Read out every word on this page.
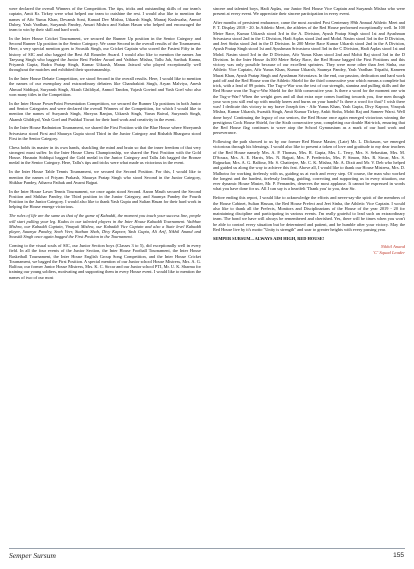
were declared the overall Winners of the Competition. The tips, tricks and outstanding skills of our team's captain, Amit Kr. Tirkey were what helped our team to outshine the rest. I would also like to mention the names of Aftr Yunus Khan, Devansh Soni, Kamad Dev Mishra, Utkarsh Singh, Manraj Kushwaha, Anmol Dubey, Yash Vardhan, Suryansh Pandey, Ansari Mishra and Sultan Hasan who helped and encouraged the team to win by their skill and hard work.

In the Inter House Cricket Tournament, we secured the Runner Up position in the Senior Category and Second Runner Up position in the Senior Category. We came Second in the overall results of the Tournament. Here, a very special mention goes to Swastik Singh, our Cricket Captain who scored the Fastest Fifty in the history of SIC and also bagged the Best All Rounder Award. I would also like to mention the names Jan Taeyung Singh who bagged the Junior Best Fielder Award and Vaibhav Mishra, Tallu Jah, Sarthak Kanna, Priyansh Gupta, Rudra Pratap Singh, Kumar Utkarsh, Manas Jaiswal who played exceptionally well throughout the matches and exhibited their sportsmanship.

In the Inter House Debate Competition, we stood Second in the overall results. Here, I would like to mention the names of our exemplary and extraordinary debaters like Chandrakirti Singh, Aryan Malviya, Anesh Ahmad Siddiqui, Suryansh Singh, Akash Ghildiyal, Anmol Tandon, Yajash Govind and Yash Goel who also won many titles in the Competition.

In the Inter House PowerPoint Presentation Competition, we secured the Runner Up positions in both Junior and Senior Categories and were declared the overall Winners of the Competition, for which I would like to mention the names of Suryansh Singh, Shreyas Ranjan, Utkarsh Singh, Varun Baival, Suryansh Singh, Akansh Ghildiyal, Yash Goel and Pushkal Tiwari for their hard work and creativity in the event.

In the Inter House Badminton Tournament, we shared the First Position with the Blue House where Shreyansh Srivastava stood First and Shaurya Gupta stood Third in the Junior Category and Rishabh Bhargava stood First in the Senior Category.

Chess holds its master in its own hands, shackling the mind and brain so that the inner freedom of that very strongest must suffer. In the Inter House Chess Championship, we shared the First Position with the Gold House. Husnain Siddiqui bagged the Gold medal in the Junior Category and Tallu Jah bagged the Bronze medal in the Senior Category. Here, Tallu's tips and tricks were what made us victorious in the event.

In the Inter House Table Tennis Tournament, we secured the Second Position. For this, I would like to mention the names of Priyam Prakash, Shaurya Pratap Singh who stood Second in the Junior Category, Shikhar Pandey, Atharva Pathak and Avarni Bajpai.

In the Inter House Lawn Tennis Tournament, we once again stood Second. Aaron Masih secured the Second Position and Shikhar Pandey, the Third position in the Junior Category, and Saumya Pandey the Fourth Position in the Junior Category. I would also like to thank Yash Gupta and Sultan Hasan for their hard work in helping the House emerge victorious.

The rules of life are the same as that of the game of Kabaddi, the moment you touch your success line, people will start pulling your leg. Kudos to our talented players in the Inter House Kabaddi Tournament. Vaibhav Mishra, our Kabaddi Captain, Vinayak Mishra, our Kabaddi Vice Captain and also a State level Kabaddi player, Saumya Pandey, Sneh Veer, Stathan Shah, Divy Kapoor, Yash Gupta, Ali Arif, Nikhil Anand and Swastik Singh once again bagged the First Position in the Tournament.

Coming to the visual souls of SIC, our Junior Section boys (Classes 3 to 5), did exceptionally well in every field. In all the four events of the Junior Section, the Inter House Football Tournament, the Inter House Basketball Tournament, the Inter House English Group Song Competition, and the Inter House Cricket Tournament, we bagged the First Position. A special mention of our Junior school House Mistress, Mrs. A. G. Balfour, our former Junior House Mistress, Mrs. K. C. Sircar and our Junior school PTI, Mr. U. K. Sharma for training our young soldiers, motivating and supporting them in every House event. I would like to mention the names of two of our most

sincere and talented boys, Hadi Aqdas, our Junior Red House Vice Captain and Suryansh Mishra who were present at every event. We appreciate their sincere participation in every event.

After months of persistent endurance, came the most awaited Post Centenary 89th Annual Athletic Meet and P. T. Display 2018 - 20. In Athletic Meet, the athletes of the Red House performed exceptionally well. In 100 Metre Race, Kumar Utkarsh stood 3rd in the A. Division, Ayush Pratap Singh stood 1st and Ayushman Srivastava stood 2nd in the C Division, Hadi Aqdas stood 2nd and Mohd. Nasim stood 3rd in the D Division, and Jeet Sinha stood 2nd in the D Division. In 200 Metre Race Kumar Utkarsh stood 2nd in the A Division, Ayush Pratap Singh stood 1st and Ayushman Srivastava stood 3rd in the C Division, Hadi Aqdas stood 1st and Mohd. Nasim stood 3rd in the D Division, Aftr Yunus Khan stood 2nd and Mohit Raj stood 3rd in the D Division. In the Inter House 4x100 Metre Relay Race, the Red House bagged the First Positions and this victory was only possible because of our excellent sprinters. They were none other than Jeet Sinha, our Athletic Vice Captain, Aftr Yunus Khan, Kumar Utkarsh, Saumya Pandey, Yash Vardhan Tripathi, Kameen Murat Khan, Ayush Pratap Singh and Ayushman Srivastava. In the end, our passion, dedication and hard work paid off and the Red House won the Athletic Shield for the third consecutive year which means a complete hat trick, with a lead of 89 points. The Tug-o-War was the test of our strength, stamina and pulling skills and the Red House won the Tug-o-War Shield for the fifth consecutive year. Is there a word for the moment one win the Tug-o-War? When the weight goes and all that extra rope comes hurtling towards you, fine men though your won you still end up with muddy knees and burns on your hands? Is there a word for that? I wish there was! I dedicate this victory to my brave Joseph ties - Aftr Yunus Khan, Yash Gupta, Divy Kapoor, Vinayak Mishra, Kumar Utkarsh, Swastik Singh, Amit Kumar Tirkey, Ankit Sinha, Mohit Raj and Sameer Warsi. Well done boys! Continuing the legacy of our seniors, the Red House once again emerged victorious winning the prestigious Cock House Shield, for the Sixth consecutive year, completing our double Hat-trick, ensuring that the Red House flag continues to wave atop the School Gymnasium as a mark of our hard work and perseverance.

Following the path showed to us by our former Red House Master, (Late) Mr. L. Dickason, we emerged victorious through his blessings. I would also like to present a token of love and gratitude to my dear teachers of the Red House namely Mrs. A. P. Thomas, Mrs. R. Gupta, Mrs. L. Terry, Mrs. S. Sebastian, Mrs. M. D'Souza, Mrs. A. E. Harris, Mrs. N. Bajpai, Mrs. P. Fredericks, Mrs. P. Simon, Mrs. R. Sircar, Mrs. S. Rajpurkar, Mrs. A. G. Balfour, Mr. S. Chatterjee, Mr. C. K. Mishra, Mr. A. Dixit and Mr. V. Deb who helped and guided us along the way to achieve this feat. Above all, I would like to thank our House Mistress, Mrs. D. Malhotra for working tirelessly with us, guiding us at each and every step. Of course, the man who worked the longest and the hardest, tirelessly leading, guiding, correcting and supporting us in every situation, our ever dynamic House Master, Mr. P. Fernandes, deserves the most applause. It cannot be expressed in words what you have done for us. All I can say is a heartfelt 'Thank you' to you, dear Sir.

Before ending this report, I would like to acknowledge the efforts and never-say-die spirit of the members of the House Cabinet, Sultan Hassan, the Red House Prefect and Jeet Sinha, the Athletic Vice Captain. I would also like to thank all the Prefects, Monitors and Disciplinarians of the House of the year 2019 - 20 for maintaining discipline and participating in various events. I'm really grateful to lead such an extraordinary team. The bond we have will always be remembered and cherished. Yes, there will be times when you won't be able to control every situation but be determined and patient, and be humble after your victory. May the Red House live by it's motto "Unity is strength" and soar to greater heights with every passing year.

SEMPER SURSUM... ALWAYS AIM HIGH, RED HOUSE!

Nikhil Anand
'C' Squad Leader
Semper Sursum	155
